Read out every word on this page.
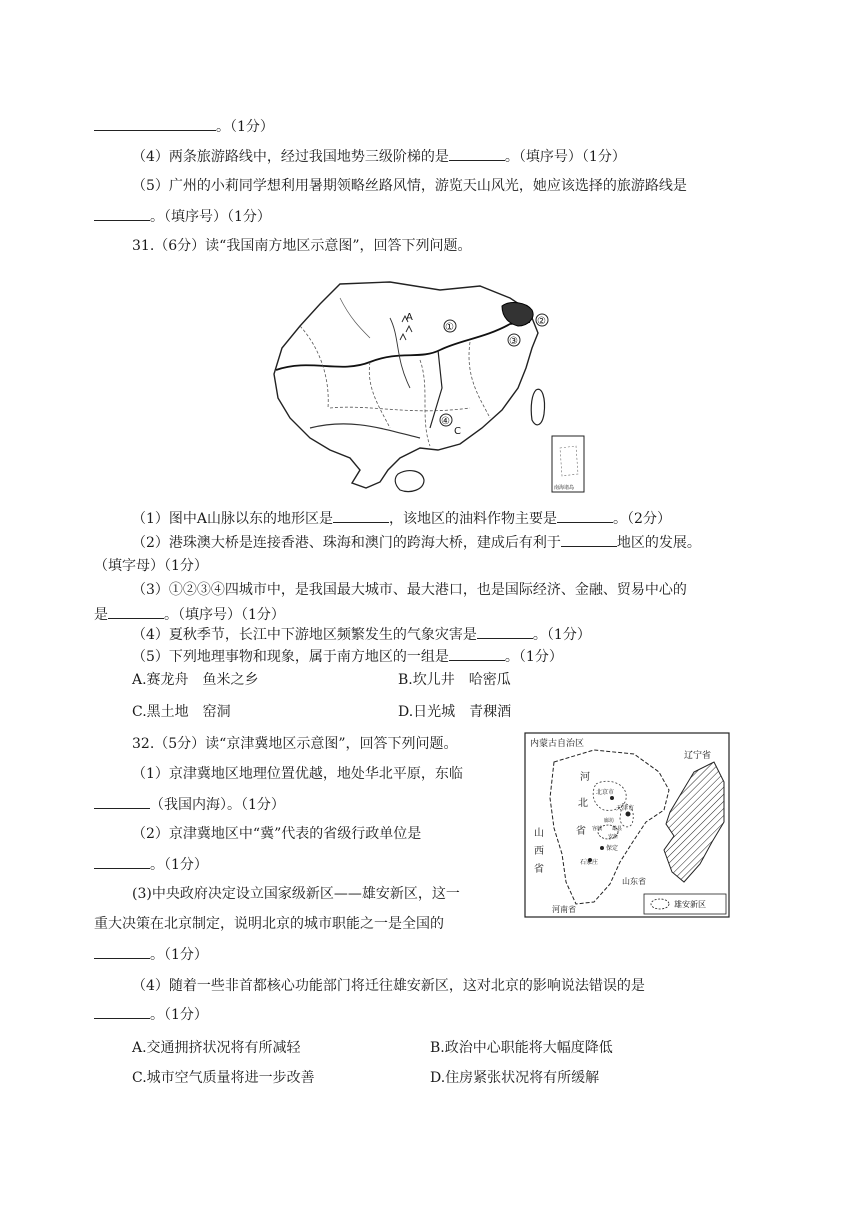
。（1分）
（4）两条旅游路线中，经过我国地势三级阶梯的是	。（填序号）（1分）
（5）广州的小莉同学想利用暑期领略丝路风情，游览天山风光，她应该选择的旅游路线是
。（填序号）（1分）
31.（6分）读“我国南方地区示意图”，回答下列问题。
A
C
①
②
③
④
南海诸岛
（1）图中A山脉以东的地形区是	，该地区的油料作物主要是	。（2分）
（2）港珠澳大桥是连接香港、珠海和澳门的跨海大桥，建成后有利于	地区的发展。
（填字母）（1分）
（3）①②③④四城市中，是我国最大城市、最大港口，也是国际经济、金融、贸易中心的
是	。（填序号）（1分）
（4）夏秋季节，长江中下游地区频繁发生的气象灾害是	。（1分）
（5）下列地理事物和现象，属于南方地区的一组是	。（1分）
A.赛龙舟　鱼米之乡	B.坎儿井　哈密瓜
C.黑土地　窑洞	D.日光城　青稞酒
32.（5分）读“京津冀地区示意图”，回答下列问题。
（1）京津冀地区地理位置优越，地处华北平原，东临
（我国内海）。（1分）
（2）京津冀地区中“冀”代表的省级行政单位是
。（1分）
(3)中央政府决定设立国家级新区——雄安新区，这一
重大决策在北京制定，说明北京的城市职能之一是全国的
。（1分）
内蒙古自治区
辽宁省
河
北
省
北京市
天津市
廊坊
雄县
安新
容城
保定
石家庄
山
西
省
山东省
河南省
雄安新区
（4）随着一些非首都核心功能部门将迁往雄安新区，这对北京的影响说法错误的是
。（1分）
A.交通拥挤状况将有所减轻	B.政治中心职能将大幅度降低
C.城市空气质量将进一步改善	D.住房紧张状况将有所缓解
